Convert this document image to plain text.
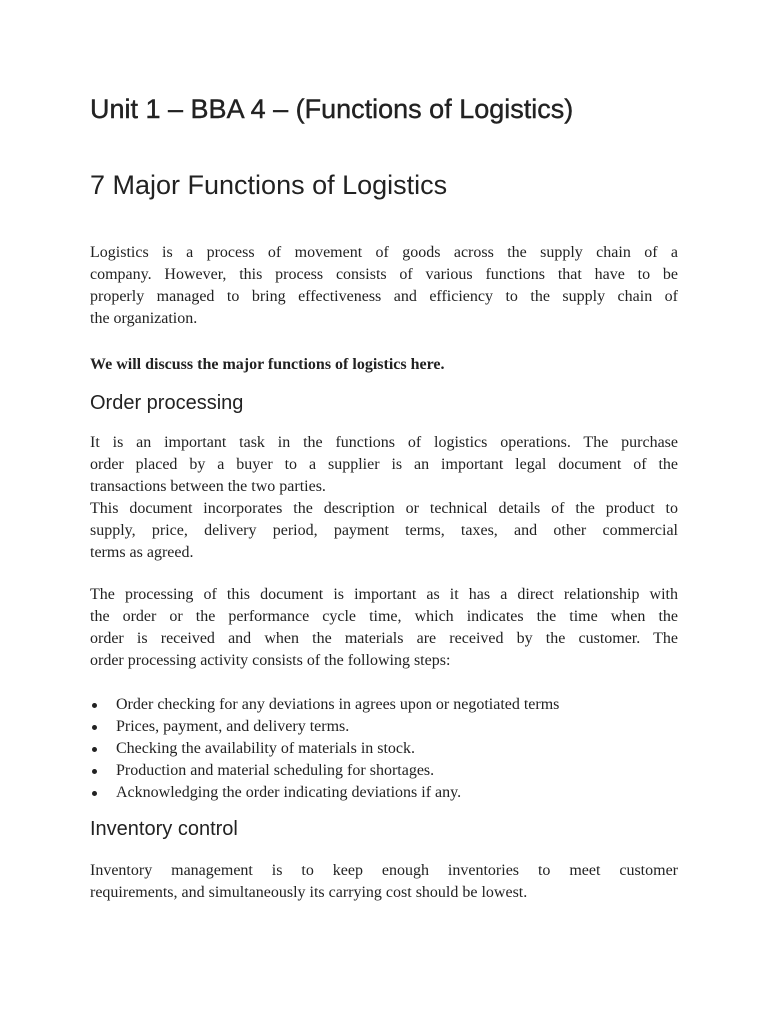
Unit 1 – BBA 4 – (Functions of Logistics)
7 Major Functions of Logistics

Logistics is a process of movement of goods across the supply chain of a
company. However, this process consists of various functions that have to be
properly managed to bring effectiveness and efficiency to the supply chain of
the organization.

We will discuss the major functions of logistics here.

Order processing

It is an important task in the functions of logistics operations. The purchase
order placed by a buyer to a supplier is an important legal document of the
transactions between the two parties.
This document incorporates the description or technical details of the product to
supply, price, delivery period, payment terms, taxes, and other commercial
terms as agreed.

The processing of this document is important as it has a direct relationship with
the order or the performance cycle time, which indicates the time when the
order is received and when the materials are received by the customer. The
order processing activity consists of the following steps:

Order checking for any deviations in agrees upon or negotiated terms
Prices, payment, and delivery terms.
Checking the availability of materials in stock.
Production and material scheduling for shortages.
Acknowledging the order indicating deviations if any.
Inventory control

Inventory management is to keep enough inventories to meet customer
requirements, and simultaneously its carrying cost should be lowest.
